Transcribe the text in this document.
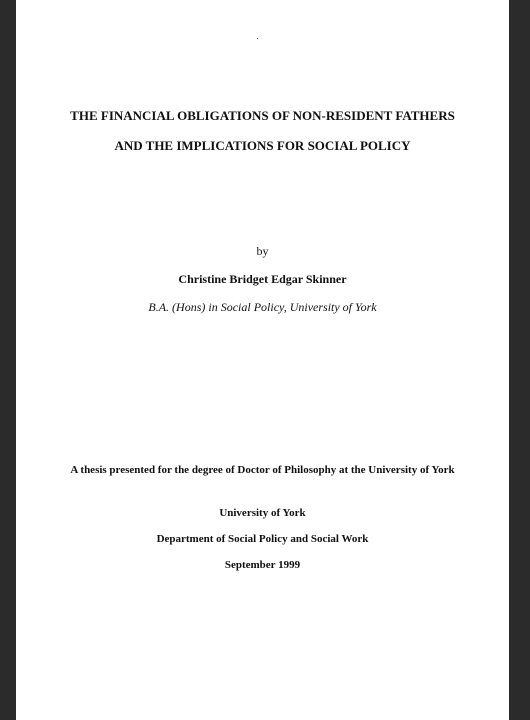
THE FINANCIAL OBLIGATIONS OF NON-RESIDENT FATHERS
AND THE IMPLICATIONS FOR SOCIAL POLICY
by
Christine Bridget Edgar Skinner
B.A. (Hons) in Social Policy, University of York
A thesis presented for the degree of Doctor of Philosophy at the University of York
University of York
Department of Social Policy and Social Work
September 1999
